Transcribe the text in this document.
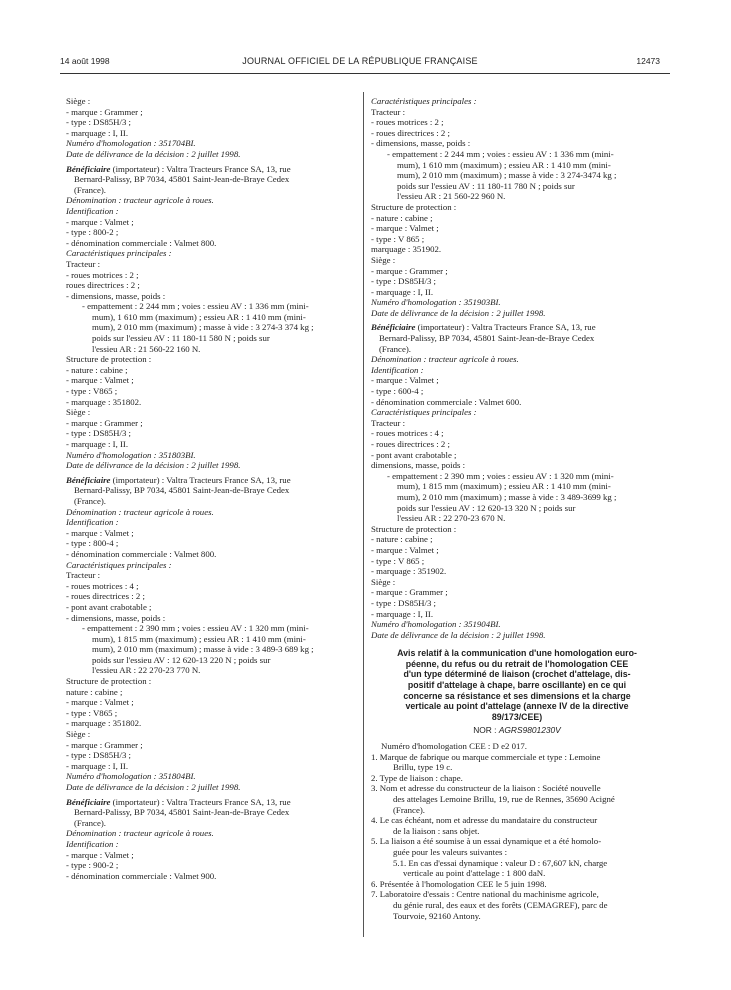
14 août 1998	JOURNAL OFFICIEL DE LA RÉPUBLIQUE FRANÇAISE	12473
Siège :
- marque : Grammer ;
- type : DS85H/3 ;
- marquage : I, II.
Numéro d'homologation : 351704BI.
Date de délivrance de la décision : 2 juillet 1998.
Bénéficiaire (importateur) : Valtra Tracteurs France SA, 13, rue
Bernard-Palissy, BP 7034, 45801 Saint-Jean-de-Braye Cedex
(France).
Dénomination : tracteur agricole à roues.
Identification :
- marque : Valmet ;
- type : 800-2 ;
- dénomination commerciale : Valmet 800.
Caractéristiques principales :
Tracteur :
- roues motrices : 2 ;
roues directrices : 2 ;
- dimensions, masse, poids :
- empattement : 2 244 mm ; voies : essieu AV : 1 336 mm (mini-
mum), 1 610 mm (maximum) ; essieu AR : 1 410 mm (mini-
mum), 2 010 mm (maximum) ; masse à vide : 3 274-3 374 kg ;
poids sur l'essieu AV : 11 180-11 580 N ; poids sur
l'essieu AR : 21 560-22 160 N.
Structure de protection :
- nature : cabine ;
- marque : Valmet ;
- type : V865 ;
- marquage : 351802.
Siège :
- marque : Grammer ;
- type : DS85H/3 ;
- marquage : I, II.
Numéro d'homologation : 351803BI.
Date de délivrance de la décision : 2 juillet 1998.
Bénéficiaire (importateur) : Valtra Tracteurs France SA, 13, rue
Bernard-Palissy, BP 7034, 45801 Saint-Jean-de-Braye Cedex
(France).
Dénomination : tracteur agricole à roues.
Identification :
- marque : Valmet ;
- type : 800-4 ;
- dénomination commerciale : Valmet 800.
Caractéristiques principales :
Tracteur :
- roues motrices : 4 ;
- roues directrices : 2 ;
- pont avant crabotable ;
- dimensions, masse, poids :
- empattement : 2 390 mm ; voies : essieu AV : 1 320 mm (mini-
mum), 1 815 mm (maximum) ; essieu AR : 1 410 mm (mini-
mum), 2 010 mm (maximum) ; masse à vide : 3 489-3 689 kg ;
poids sur l'essieu AV : 12 620-13 220 N ; poids sur
l'essieu AR : 22 270-23 770 N.
Structure de protection :
nature : cabine ;
- marque : Valmet ;
- type : V865 ;
- marquage : 351802.
Siège :
- marque : Grammer ;
- type : DS85H/3 ;
- marquage : I, II.
Numéro d'homologation : 351804BI.
Date de délivrance de la décision : 2 juillet 1998.
Bénéficiaire (importateur) : Valtra Tracteurs France SA, 13, rue
Bernard-Palissy, BP 7034, 45801 Saint-Jean-de-Braye Cedex
(France).
Dénomination : tracteur agricole à roues.
Identification :
- marque : Valmet ;
- type : 900-2 ;
- dénomination commerciale : Valmet 900.
Caractéristiques principales :
Tracteur :
- roues motrices : 2 ;
- roues directrices : 2 ;
- dimensions, masse, poids :
- empattement : 2 244 mm ; voies : essieu AV : 1 336 mm (mini-
mum), 1 610 mm (maximum) ; essieu AR : 1 410 mm (mini-
mum), 2 010 mm (maximum) ; masse à vide : 3 274-3474 kg ;
poids sur l'essieu AV : 11 180-11 780 N ; poids sur
l'essieu AR : 21 560-22 960 N.
Structure de protection :
- nature : cabine ;
- marque : Valmet ;
- type : V 865 ;
marquage : 351902.
Siège :
- marque : Grammer ;
- type : DS85H/3 ;
- marquage : I, II.
Numéro d'homologation : 351903BI.
Date de délivrance de la décision : 2 juillet 1998.
Bénéficiaire (importateur) : Valtra Tracteurs France SA, 13, rue
Bernard-Palissy, BP 7034, 45801 Saint-Jean-de-Braye Cedex
(France).
Dénomination : tracteur agricole à roues.
Identification :
- marque : Valmet ;
- type : 600-4 ;
- dénomination commerciale : Valmet 600.
Caractéristiques principales :
Tracteur :
- roues motrices : 4 ;
- roues directrices : 2 ;
- pont avant crabotable ;
dimensions, masse, poids :
- empattement : 2 390 mm ; voies : essieu AV : 1 320 mm (mini-
mum), 1 815 mm (maximum) ; essieu AR : 1 410 mm (mini-
mum), 2 010 mm (maximum) ; masse à vide : 3 489-3699 kg ;
poids sur l'essieu AV : 12 620-13 320 N ; poids sur
l'essieu AR : 22 270-23 670 N.
Structure de protection :
- nature : cabine ;
- marque : Valmet ;
- type : V 865 ;
- marquage : 351902.
Siège :
- marque : Grammer ;
- type : DS85H/3 ;
- marquage : I, II.
Numéro d'homologation : 351904BI.
Date de délivrance de la décision : 2 juillet 1998.
Avis relatif à la communication d'une homologation euro-
péenne, du refus ou du retrait de l'homologation CEE
d'un type déterminé de liaison (crochet d'attelage, dis-
positif d'attelage à chape, barre oscillante) en ce qui
concerne sa résistance et ses dimensions et la charge
verticale au point d'attelage (annexe IV de la directive
89/173/CEE)
NOR : AGRS9801230V
Numéro d'homologation CEE : D e2 017.
1. Marque de fabrique ou marque commerciale et type : Lemoine
Brillu, type 19 c.
2. Type de liaison : chape.
3. Nom et adresse du constructeur de la liaison : Société nouvelle
des attelages Lemoine Brillu, 19, rue de Rennes, 35690 Acigné
(France).
4. Le cas échéant, nom et adresse du mandataire du constructeur
de la liaison : sans objet.
5. La liaison a été soumise à un essai dynamique et a été homolo-
guée pour les valeurs suivantes :
5.1. En cas d'essai dynamique : valeur D : 67,607 kN, charge
verticale au point d'attelage : 1 800 daN.
6. Présentée à l'homologation CEE le 5 juin 1998.
7. Laboratoire d'essais : Centre national du machinisme agricole,
du génie rural, des eaux et des forêts (CEMAGREF), parc de
Tourvoie, 92160 Antony.
